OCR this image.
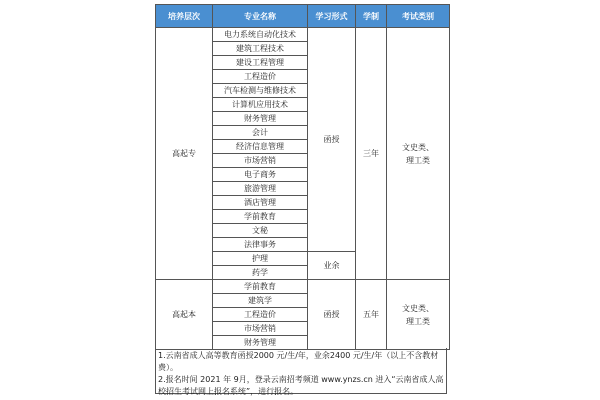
培养层次	专业名称	学习形式	学制	考试类别
高起专	电力系统自动化技术	函授	三年	文史类、
理工类

	建筑工程技术			
	建设工程管理			
	工程造价			
	汽车检测与维修技术			
	计算机应用技术			
	财务管理			
	会计			
	经济信息管理			
	市场营销			
	电子商务			
	旅游管理			
	酒店管理			
	学前教育			
	文秘			
	法律事务			
	护理	业余		
	药学			
高起本	学前教育	函授	五年	文史类、
理工类

	建筑学			
	工程造价			
	市场营销			
	财务管理			

1.云南省成人高等教育函授2000 元/生/年，业余2400 元/生/年（以上不含教材费）。

2.报名时间 2021 年 9月，登录云南招考频道 www.ynzs.cn 进入“云南省成人高校招生考试网上报名系统”，进行报名。
